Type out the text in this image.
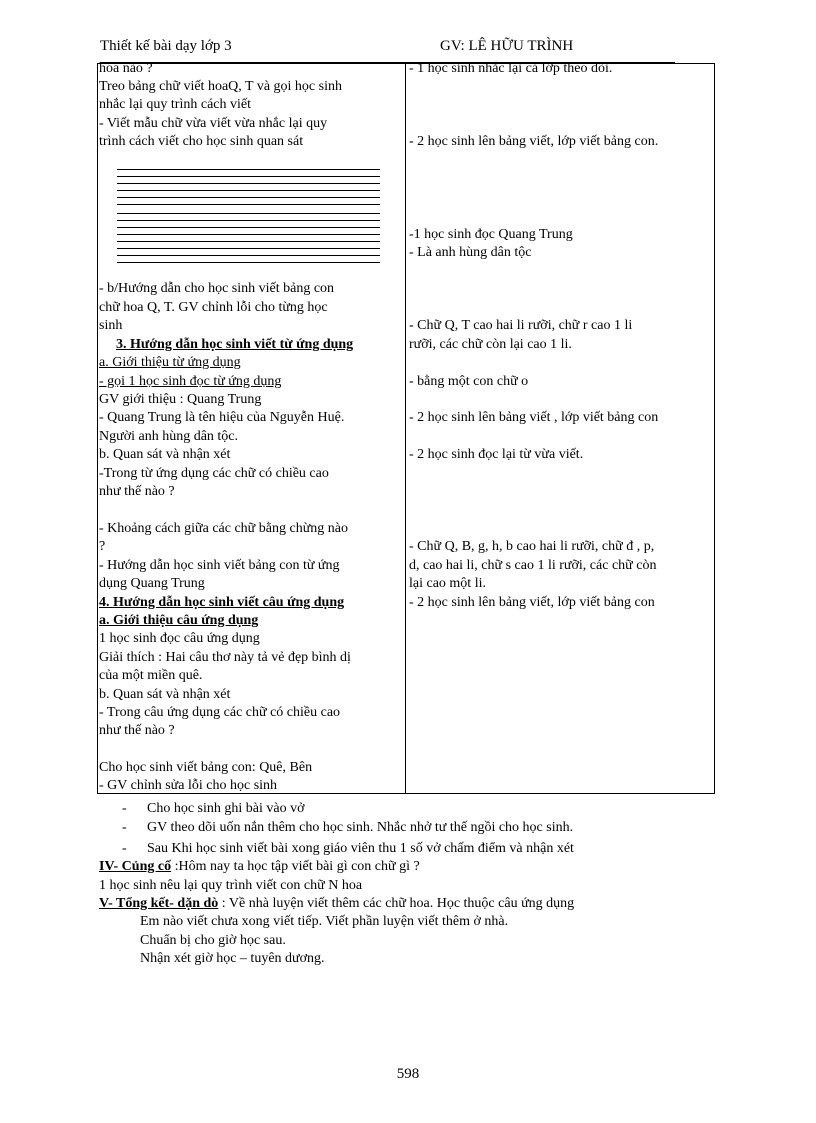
Thiết kế bài dạy lớp 3	GV: LÊ HỮU TRÌNH
hoa nào ?
Treo bảng chữ viết hoaQ, T và gọi học sinh
nhắc lại quy trình cách viết
- Viết mẫu chữ vừa viết vừa nhắc lại quy
trình cách viết cho học sinh quan sát
- b/Hướng dẫn cho học sinh viết bảng con
chữ hoa Q, T. GV chỉnh lỗi cho từng học
sinh
3. Hướng dẫn học sinh viết từ ứng dụng
a. Giới thiệu từ ứng dụng
- gọi 1 học sinh đọc từ ứng dụng
GV giới thiệu : Quang Trung
- Quang Trung là tên hiệu của Nguyễn Huệ.
Người anh hùng dân tộc.
b. Quan sát và nhận xét
-Trong từ ứng dụng các chữ có chiều cao
như thế nào ?
- Khoảng cách giữa các chữ bằng chừng nào
?
- Hướng dẫn học sinh viết bảng con từ ứng
dụng Quang Trung
4. Hướng dẫn học sinh viết câu ứng dụng
a. Giới thiệu câu ứng dụng
1 học sinh đọc câu ứng dụng
Giải thích : Hai câu thơ này tả vẻ đẹp bình dị
của một miền quê.
b. Quan sát và nhận xét
- Trong câu ứng dụng các chữ có chiều cao
như thế nào ?
Cho học sinh viết bảng con: Quê, Bên
- GV chỉnh sửa lỗi cho học sinh
- 1 học sinh nhắc lại cả lớp theo dõi.
- 2 học sinh lên bảng viết, lớp viết bảng con.
-1 học sinh đọc Quang Trung
- Là anh hùng dân tộc
- Chữ Q, T cao hai li rưỡi, chữ r cao 1 li
rưỡi, các chữ còn lại cao 1 li.
- bằng một con chữ o
- 2 học sinh lên bảng viết , lớp viết bảng con
- 2 học sinh đọc lại từ vừa viết.
- Chữ Q, B, g, h, b cao hai li rưỡi, chữ đ , p,
d, cao hai li, chữ s cao 1 li rưỡi, các chữ còn
lại cao một li.
- 2 học sinh lên bảng viết, lớp viết bảng con
- Cho học sinh ghi bài vào vở
- GV theo dõi uốn nắn thêm cho học sinh. Nhắc nhở tư thế ngồi cho học sinh.
- Sau Khi học sinh viết bài xong giáo viên thu 1 số vở chấm điểm và nhận xét
IV- Củng cố :Hôm nay ta học tập viết bài gì con chữ gì ?
1 học sinh nêu lại quy trình viết con chữ N hoa
V- Tổng kết- dặn dò : Về nhà luyện viết thêm các chữ hoa. Học thuộc câu ứng dụng
Em nào viết chưa xong viết tiếp. Viết phần luyện viết thêm ở nhà.
Chuẩn bị cho giờ học sau.
Nhận xét giờ học – tuyên dương.
598
